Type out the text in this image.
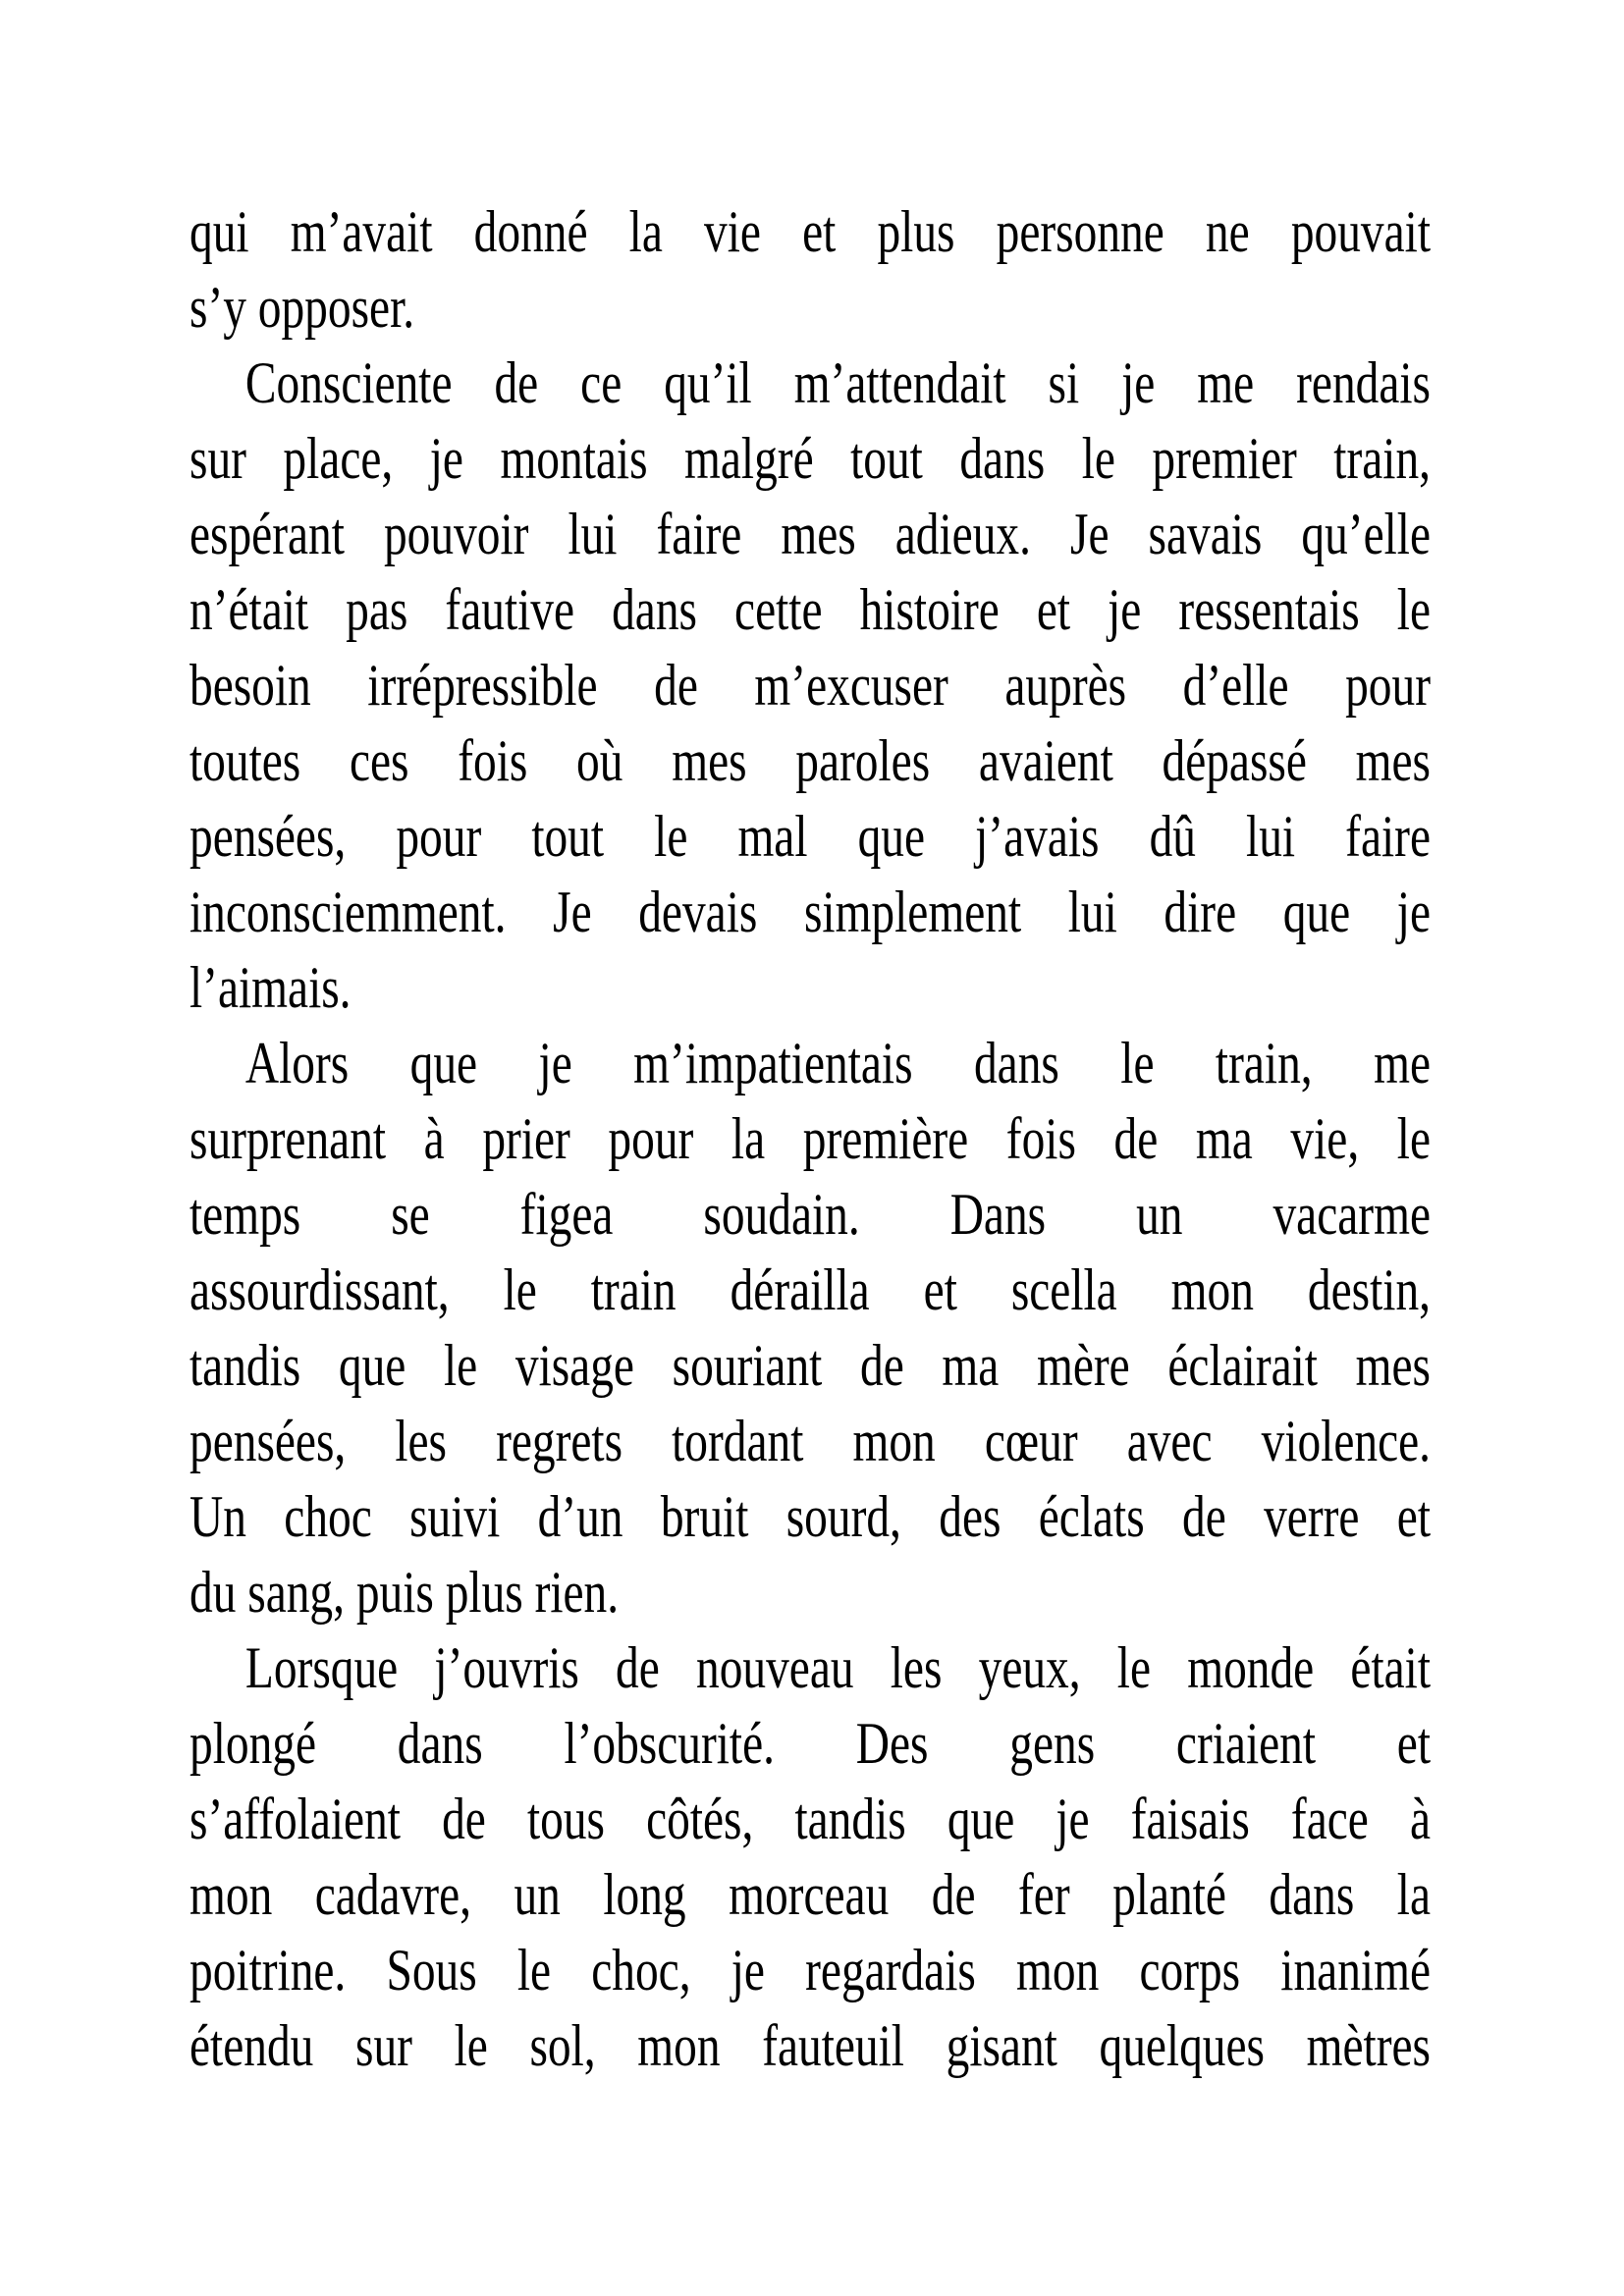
qui m’avait donné la vie et plus personne ne pouvait
s’y opposer.
Consciente de ce qu’il m’attendait si je me rendais
sur place, je montais malgré tout dans le premier train,
espérant pouvoir lui faire mes adieux. Je savais qu’elle
n’était pas fautive dans cette histoire et je ressentais le
besoin irrépressible de m’excuser auprès d’elle pour
toutes ces fois où mes paroles avaient dépassé mes
pensées, pour tout le mal que j’avais dû lui faire
inconsciemment. Je devais simplement lui dire que je
l’aimais.
Alors que je m’impatientais dans le train, me
surprenant à prier pour la première fois de ma vie, le
temps se figea soudain. Dans un vacarme
assourdissant, le train dérailla et scella mon destin,
tandis que le visage souriant de ma mère éclairait mes
pensées, les regrets tordant mon cœur avec violence.
Un choc suivi d’un bruit sourd, des éclats de verre et
du sang, puis plus rien.
Lorsque j’ouvris de nouveau les yeux, le monde était
plongé dans l’obscurité. Des gens criaient et
s’affolaient de tous côtés, tandis que je faisais face à
mon cadavre, un long morceau de fer planté dans la
poitrine. Sous le choc, je regardais mon corps inanimé
étendu sur le sol, mon fauteuil gisant quelques mètres
